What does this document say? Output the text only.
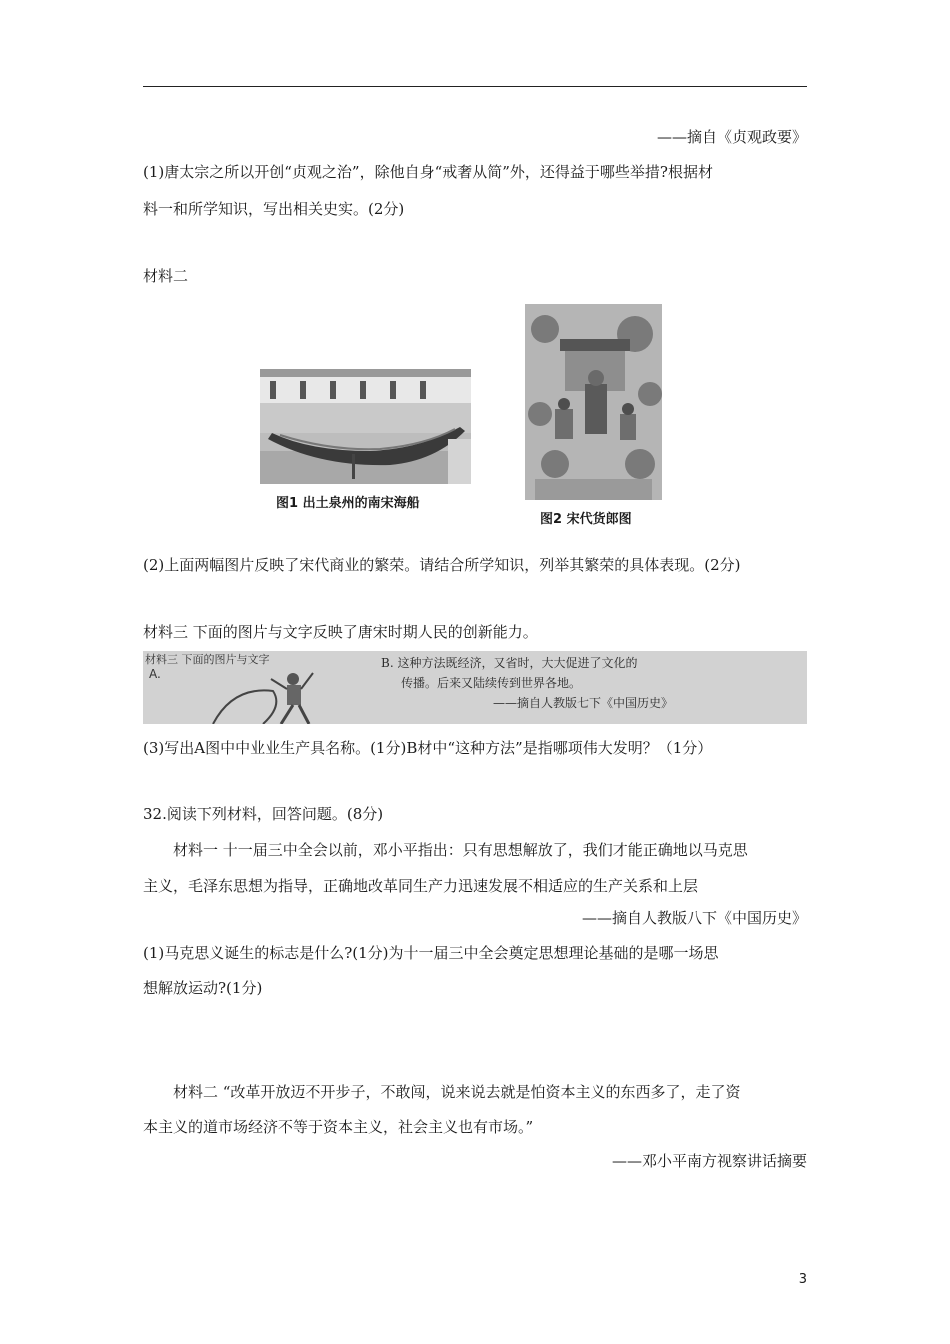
——摘自《贞观政要》
(1)唐太宗之所以开创“贞观之治”，除他自身“戒奢从简”外，还得益于哪些举措?根据材
料一和所学知识，写出相关史实。(2分)
材料二
图1 出土泉州的南宋海船
图2 宋代货郎图
(2)上面两幅图片反映了宋代商业的繁荣。请结合所学知识，列举其繁荣的具体表现。(2分)
材料三 下面的图片与文字反映了唐宋时期人民的创新能力。
材料三 下面的图片与文字
A.
B. 这种方法既经济，又省时，大大促进了文化的
传播。后来又陆续传到世界各地。
——摘自人教版七下《中国历史》
(3)写出A图中中业业生产具名称。(1分)B材中“这种方法”是指哪项伟大发明？（1分）
32.阅读下列材料，回答问题。(8分)
材料一 十一届三中全会以前，邓小平指出：只有思想解放了，我们才能正确地以马克思
主义，毛泽东思想为指导，正确地改革同生产力迅速发展不相适应的生产关系和上层
——摘自人教版八下《中国历史》
(1)马克思义诞生的标志是什么?(1分)为十一届三中全会奠定思想理论基础的是哪一场思
想解放运动?(1分)
材料二 “改革开放迈不开步子，不敢闯，说来说去就是怕资本主义的东西多了，走了资
本主义的道市场经济不等于资本主义，社会主义也有市场。”
——邓小平南方视察讲话摘要
3
